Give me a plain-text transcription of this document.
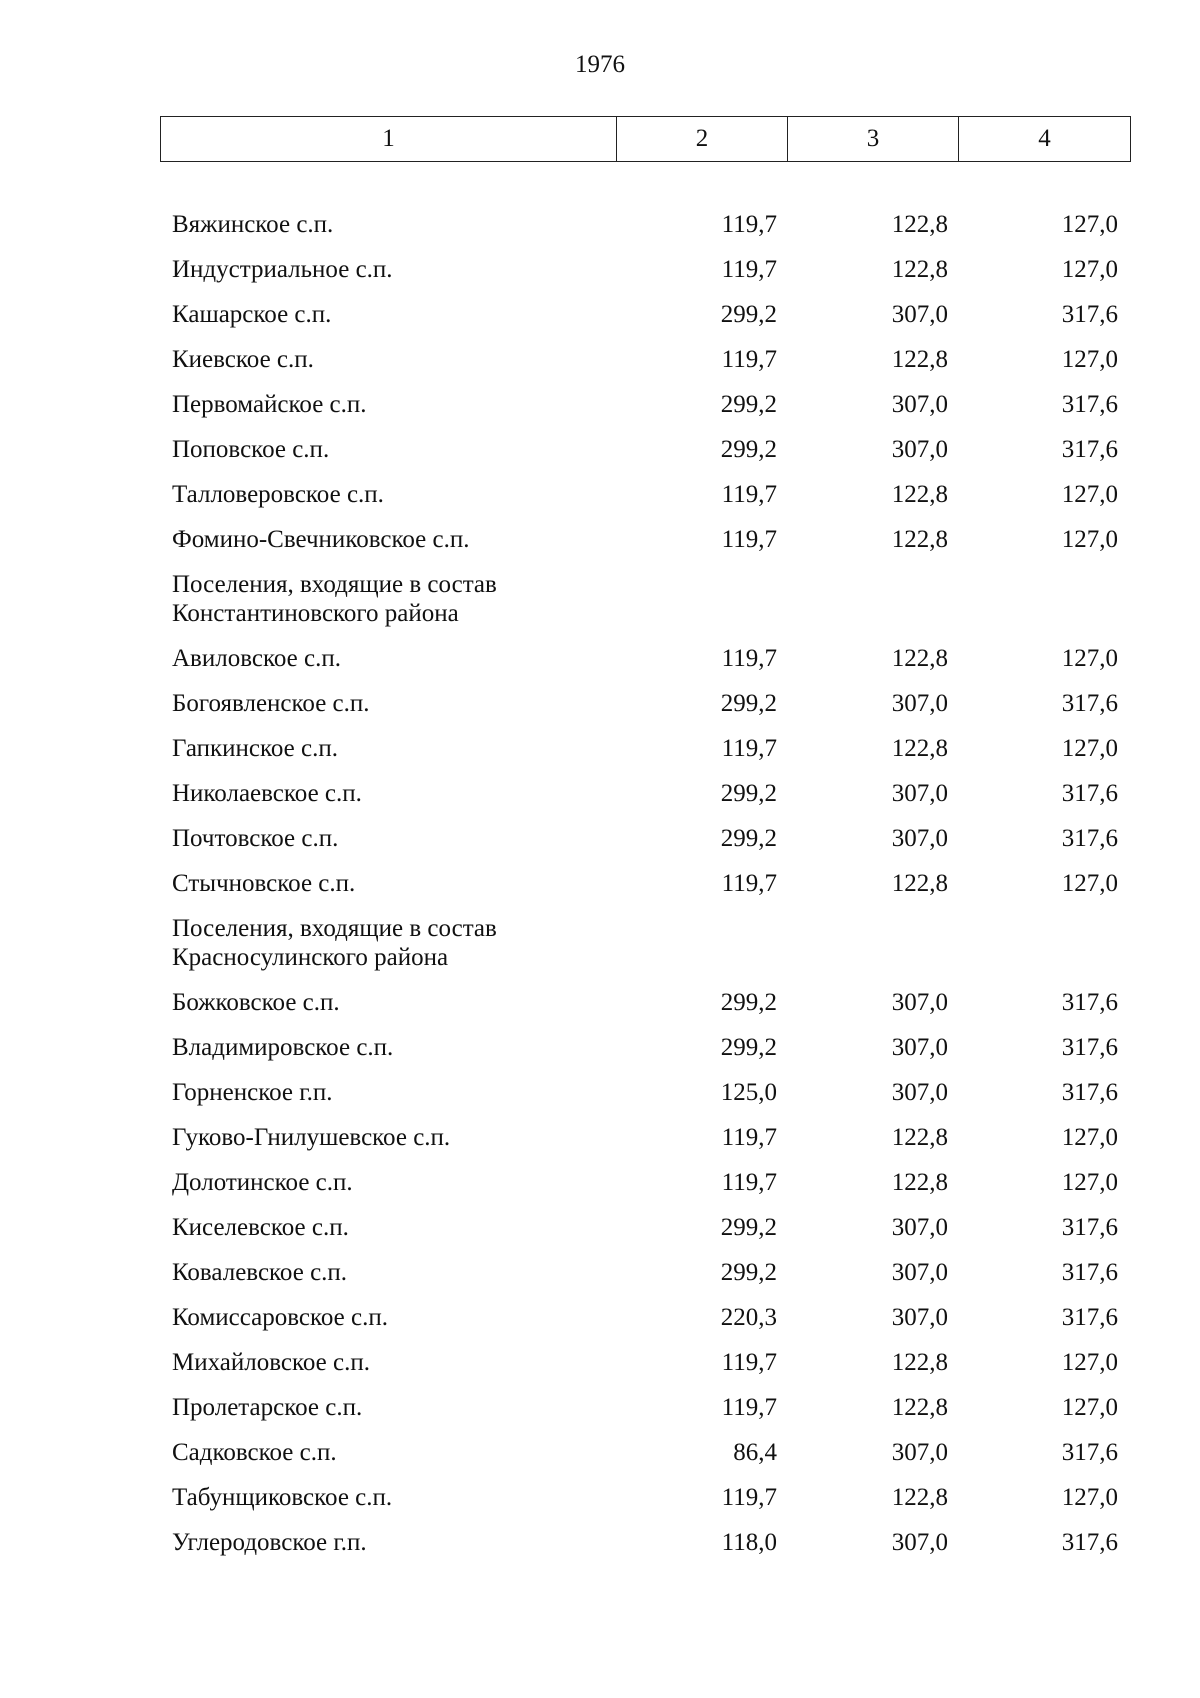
1976
1	2	3	4
Вяжинское с.п.	119,7	122,8	127,0
Индустриальное с.п.	119,7	122,8	127,0
Кашарское с.п.	299,2	307,0	317,6
Киевское с.п.	119,7	122,8	127,0
Первомайское с.п.	299,2	307,0	317,6
Поповское с.п.	299,2	307,0	317,6
Талловеровское с.п.	119,7	122,8	127,0
Фомино-Свечниковское с.п.	119,7	122,8	127,0
Поселения, входящие в состав
Константиновского района
Авиловское с.п.	119,7	122,8	127,0
Богоявленское с.п.	299,2	307,0	317,6
Гапкинское с.п.	119,7	122,8	127,0
Николаевское с.п.	299,2	307,0	317,6
Почтовское с.п.	299,2	307,0	317,6
Стычновское с.п.	119,7	122,8	127,0
Поселения, входящие в состав
Красносулинского района
Божковское с.п.	299,2	307,0	317,6
Владимировское с.п.	299,2	307,0	317,6
Горненское г.п.	125,0	307,0	317,6
Гуково-Гнилушевское с.п.	119,7	122,8	127,0
Долотинское с.п.	119,7	122,8	127,0
Киселевское с.п.	299,2	307,0	317,6
Ковалевское с.п.	299,2	307,0	317,6
Комиссаровское с.п.	220,3	307,0	317,6
Михайловское с.п.	119,7	122,8	127,0
Пролетарское с.п.	119,7	122,8	127,0
Садковское с.п.	86,4	307,0	317,6
Табунщиковское с.п.	119,7	122,8	127,0
Углеродовское г.п.	118,0	307,0	317,6
